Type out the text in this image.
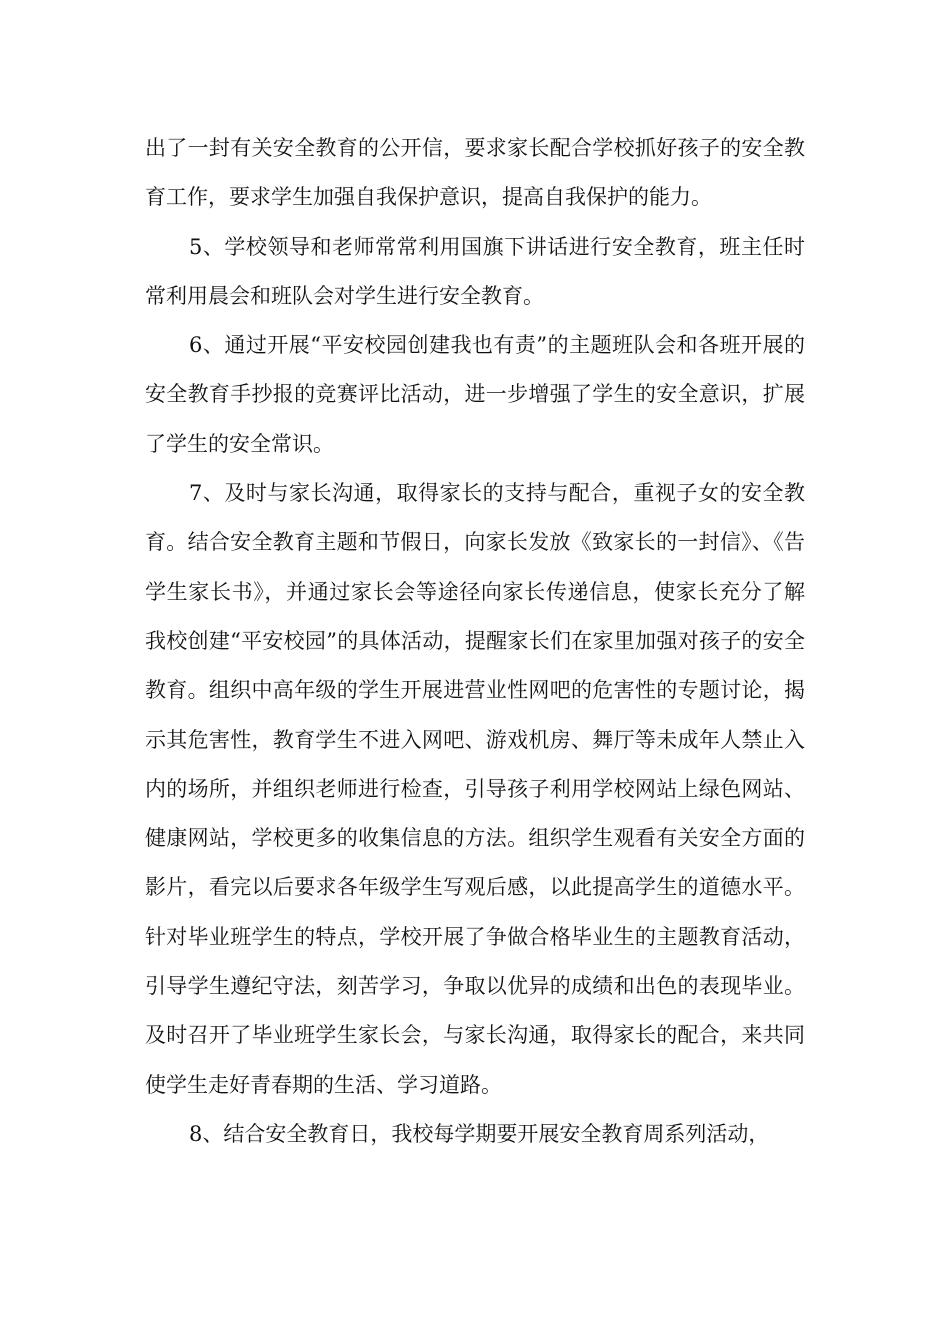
出了一封有关安全教育的公开信，要求家长配合学校抓好孩子的安全教育工作，要求学生加强自我保护意识，提高自我保护的能力。

5、学校领导和老师常常利用国旗下讲话进行安全教育，班主任时常利用晨会和班队会对学生进行安全教育。

6、通过开展“平安校园创建我也有责”的主题班队会和各班开展的安全教育手抄报的竞赛评比活动，进一步增强了学生的安全意识，扩展了学生的安全常识。

7、及时与家长沟通，取得家长的支持与配合，重视子女的安全教育。结合安全教育主题和节假日，向家长发放《致家长的一封信》、《告学生家长书》，并通过家长会等途径向家长传递信息，使家长充分了解我校创建“平安校园”的具体活动，提醒家长们在家里加强对孩子的安全教育。组织中高年级的学生开展进营业性网吧的危害性的专题讨论，揭示其危害性，教育学生不进入网吧、游戏机房、舞厅等未成年人禁止入内的场所，并组织老师进行检查，引导孩子利用学校网站上绿色网站、健康网站，学校更多的收集信息的方法。组织学生观看有关安全方面的影片，看完以后要求各年级学生写观后感，以此提高学生的道德水平。针对毕业班学生的特点，学校开展了争做合格毕业生的主题教育活动，引导学生遵纪守法，刻苦学习，争取以优异的成绩和出色的表现毕业。及时召开了毕业班学生家长会，与家长沟通，取得家长的配合，来共同使学生走好青春期的生活、学习道路。

8、结合安全教育日，我校每学期要开展安全教育周系列活动，
